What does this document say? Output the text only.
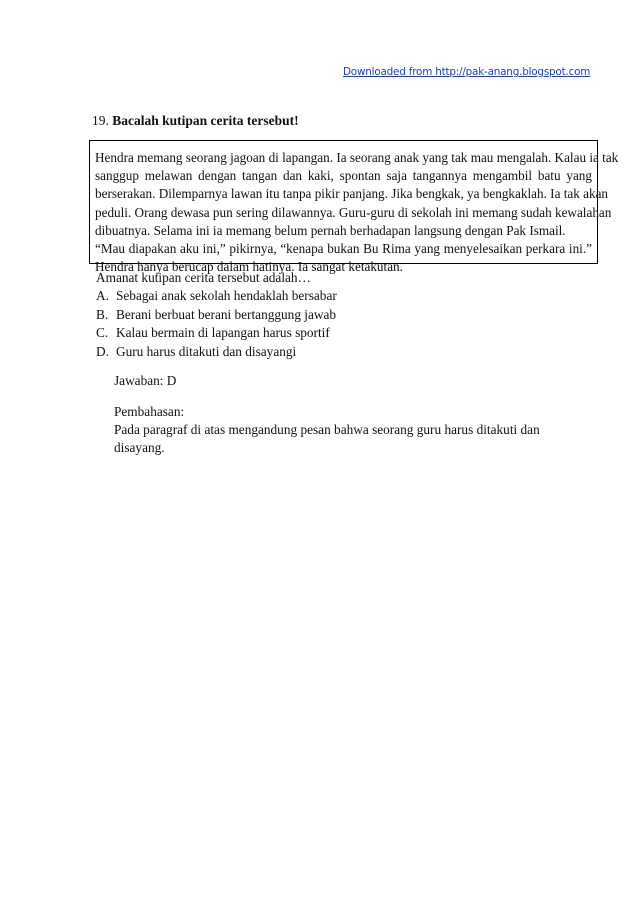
Downloaded from http://pak-anang.blogspot.com
19. Bacalah kutipan cerita tersebut!
Hendra memang seorang jagoan di lapangan. Ia seorang anak yang tak mau mengalah. Kalau ia tak
sanggup melawan dengan tangan dan kaki, spontan saja tangannya mengambil batu yang
berserakan. Dilemparnya lawan itu tanpa pikir panjang. Jika bengkak, ya bengkaklah. Ia tak akan
peduli. Orang dewasa pun sering dilawannya. Guru-guru di sekolah ini memang sudah kewalahan
dibuatnya. Selama ini ia memang belum pernah berhadapan langsung dengan Pak Ismail.
“Mau diapakan aku ini,” pikirnya, “kenapa bukan Bu Rima yang menyelesaikan perkara ini.”
Hendra hanya berucap dalam hatinya. Ia sangat ketakutan.
Amanat kutipan cerita tersebut adalah…
A. Sebagai anak sekolah hendaklah bersabar
B. Berani berbuat berani bertanggung jawab
C. Kalau bermain di lapangan harus sportif
D. Guru harus ditakuti dan disayangi
Jawaban: D
Pembahasan:
Pada paragraf di atas mengandung pesan bahwa seorang guru harus ditakuti dan
disayang.
